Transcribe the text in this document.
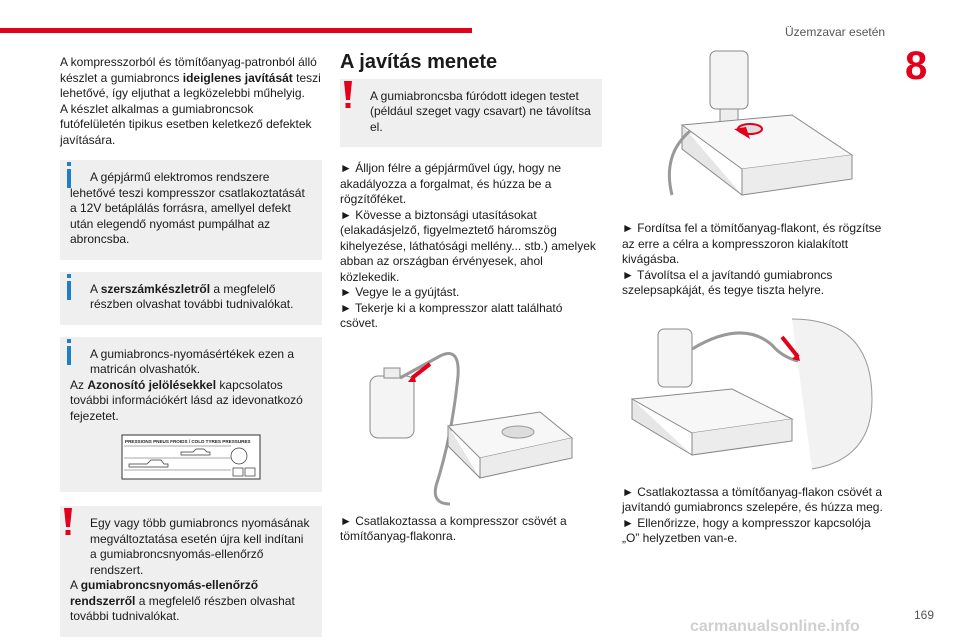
Üzemzavar esetén
8

A kompresszorból és tömítőanyag-patronból álló készlet a gumiabroncs ideiglenes javítását teszi lehetővé, így eljuthat a legközelebbi műhelyig.

A készlet alkalmas a gumiabroncsok futófelületén tipikus esetben keletkező defektek javítására.

A gépjármű elektromos rendszere lehetővé teszi kompresszor csatlakoztatását a 12V betáplálás forrásra, amellyel defekt után elegendő nyomást pumpálhat az abroncsba.

A szerszámkészletről a megfelelő részben olvashat további tudnivalókat.

A gumiabroncs-nyomásértékek ezen a matricán olvashatók.

Az Azonosító jelölésekkel kapcsolatos további információkért lásd az idevonatkozó fejezetet.

PRESSIONS PNEUS FROIDS / COLD TYRES PRESSURES

Egy vagy több gumiabroncs nyomásának megváltoztatása esetén újra kell indítani a gumiabroncsnyomás-ellenőrző rendszert.

A gumiabroncsnyomás-ellenőrző rendszerről a megfelelő részben olvashat további tudnivalókat.

A javítás menete

A gumiabroncsba fúródott idegen testet (például szeget vagy csavart) ne távolítsa el.

► Álljon félre a gépjárművel úgy, hogy ne akadályozza a forgalmat, és húzza be a rögzítőféket.

► Kövesse a biztonsági utasításokat (elakadásjelző, figyelmeztető háromszög kihelyezése, láthatósági mellény... stb.) amelyek abban az országban érvényesek, ahol közlekedik.

► Vegye le a gyújtást.

► Tekerje ki a kompresszor alatt található csövet.

► Csatlakoztassa a kompresszor csövét a tömítőanyag-flakonra.

► Fordítsa fel a tömítőanyag-flakont, és rögzítse az erre a célra a kompresszoron kialakított kivágásba.

► Távolítsa el a javítandó gumiabroncs szelepsapkáját, és tegye tiszta helyre.

► Csatlakoztassa a tömítőanyag-flakon csövét a javítandó gumiabroncs szelepére, és húzza meg.

► Ellenőrizze, hogy a kompresszor kapcsolója „O” helyzetben van-e.

carmanualsonline.info
169
